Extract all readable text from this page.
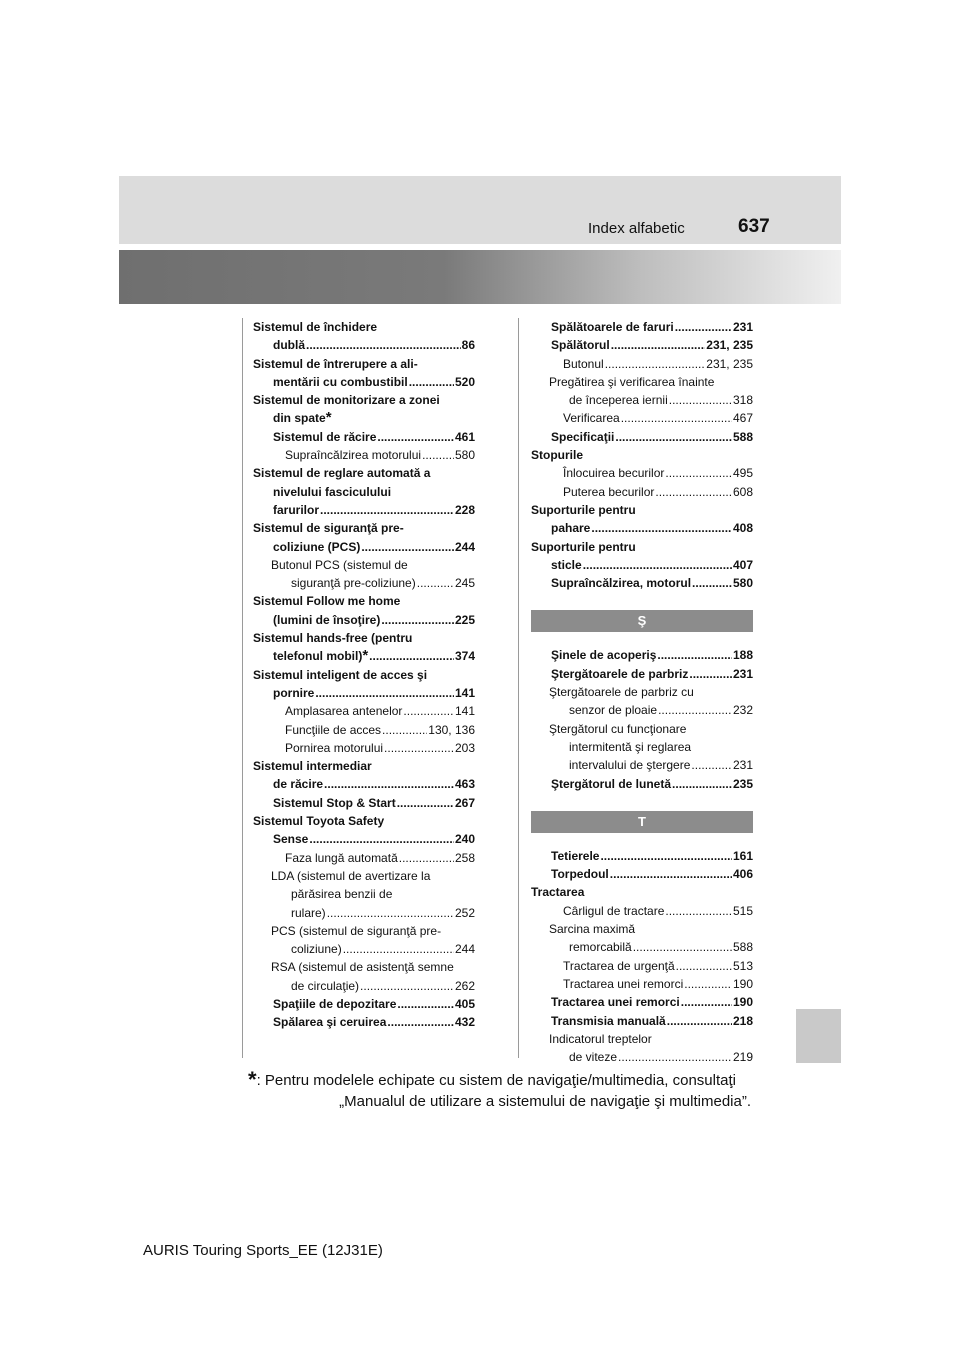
Index alfabetic	637
Sistemul de închidere
dublă .....	86
Sistemul de întrerupere a ali-
mentării cu combustibil .....	520
Sistemul de monitorizare a zonei
din spate *
Sistemul de răcire .....	461
Supraîncălzirea motorului .....	580
Sistemul de reglare automată a
nivelului fasciculului
farurilor .....	228
Sistemul de siguranţă pre-
coliziune (PCS) .....	244
Butonul PCS (sistemul de
siguranţă pre-coliziune) .....	245
Sistemul Follow me home
(lumini de însoţire) .....	225
Sistemul hands-free (pentru
telefonul mobil) * .....	374
Sistemul inteligent de acces şi
pornire .....	141
Amplasarea antenelor .....	141
Funcţiile de acces .....	130, 136
Pornirea motorului .....	203
Sistemul intermediar
de răcire .....	463
Sistemul Stop & Start .....	267
Sistemul Toyota Safety
Sense .....	240
Faza lungă automată .....	258
LDA (sistemul de avertizare la
părăsirea benzii de
rulare) .....	252
PCS (sistemul de siguranţă pre-
coliziune) .....	244
RSA (sistemul de asistenţă semne
de circulaţie) .....	262
Spaţiile de depozitare .....	405
Spălarea şi ceruirea .....	432
Spălătoarele de faruri .....	231
Spălătorul .....	231, 235
Butonul .....	231, 235
Pregătirea şi verificarea înainte
de începerea iernii .....	318
Verificarea .....	467
Specificaţii .....	588
Stopurile
Înlocuirea becurilor .....	495
Puterea becurilor .....	608
Suporturile pentru
pahare .....	408
Suporturile pentru
sticle .....	407
Supraîncălzirea, motorul .....	580
Ş
Şinele de acoperiş .....	188
Ştergătoarele de parbriz .....	231
Ştergătoarele de parbriz cu
senzor de ploaie .....	232
Ştergătorul cu funcţionare
intermitentă şi reglarea
intervalului de ştergere .....	231
Ştergătorul de lunetă .....	235
T
Tetierele .....	161
Torpedoul .....	406
Tractarea
Cârligul de tractare .....	515
Sarcina maximă
remorcabilă .....	588
Tractarea de urgenţă .....	513
Tractarea unei remorci .....	190
Tractarea unei remorci .....	190
Transmisia manuală .....	218
Indicatorul treptelor
de viteze .....	219
*: Pentru modelele echipate cu sistem de navigaţie/multimedia, consultaţi
„Manualul de utilizare a sistemului de navigaţie şi multimedia”.
AURIS Touring Sports_EE (12J31E)
